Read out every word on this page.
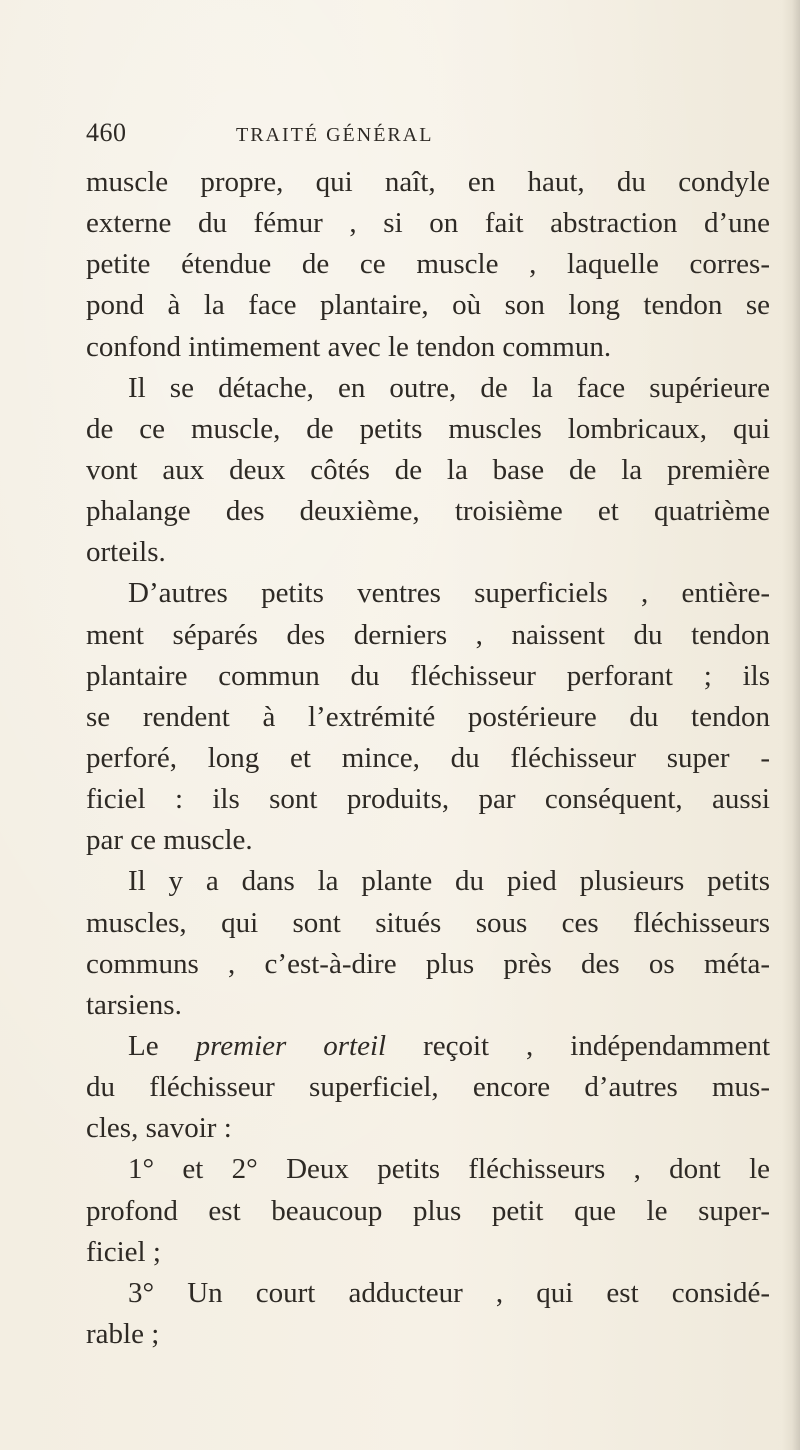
460	TRAITÉ GÉNÉRAL
muscle propre, qui naît, en haut, du condyle
externe du fémur , si on fait abstraction d’une
petite étendue de ce muscle , laquelle corres-
pond à la face plantaire, où son long tendon se
confond intimement avec le tendon commun.
Il se détache, en outre, de la face supérieure
de ce muscle, de petits muscles lombricaux, qui
vont aux deux côtés de la base de la première
phalange des deuxième, troisième et quatrième
orteils.
D’autres petits ventres superficiels , entière-
ment séparés des derniers , naissent du tendon
plantaire commun du fléchisseur perforant ; ils
se rendent à l’extrémité postérieure du tendon
perforé, long et mince, du fléchisseur super -
ficiel : ils sont produits, par conséquent, aussi
par ce muscle.
Il y a dans la plante du pied plusieurs petits
muscles, qui sont situés sous ces fléchisseurs
communs , c’est-à-dire plus près des os méta-
tarsiens.
Le premier orteil reçoit , indépendamment
du fléchisseur superficiel, encore d’autres mus-
cles, savoir :
1° et 2° Deux petits fléchisseurs , dont le
profond est beaucoup plus petit que le super-
ficiel ;
3° Un court adducteur , qui est considé-
rable ;
